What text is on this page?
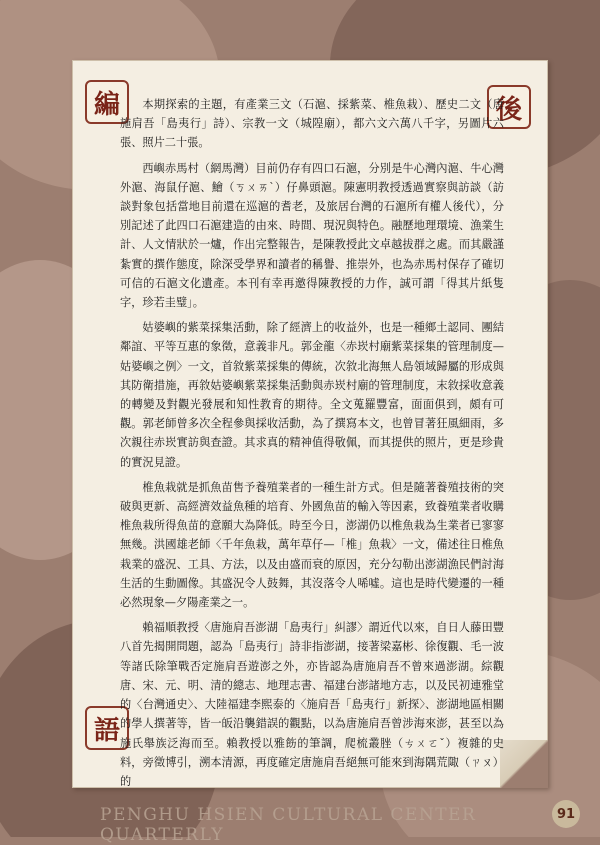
編	後
語

本期探索的主題，有產業三文（石滬、採紫菜、椎魚栽）、歷史二文（唐施肩吾「島夷行」詩）、宗教一文（城隍廟），都六文六萬八千字，另圖片六張、照片二十張。

西嶼赤馬村（網馬灣）目前仍存有四口石滬，分別是牛心灣內滬、牛心灣外滬、海鼠仔滬、鱠（ㄎㄨㄞˋ）仔鼻頭滬。陳憲明教授透過實察與訪談（訪談對象包括當地目前還在巡滬的耆老，及旅居台灣的石滬所有權人後代），分別記述了此四口石滬建造的由來、時間、現況與特色。融歷地理環境、漁業生計、人文情狀於一爐，作出完整報告，是陳教授此文卓越拔群之處。而其嚴謹紮實的撰作態度，除深受學界和讀者的稱譽、推崇外，也為赤馬村保存了確切可信的石滬文化遺產。本刊有幸再邀得陳教授的力作，誠可謂「得其片紙隻字，珍若圭璧」。

姑婆嶼的紫菜採集活動，除了經濟上的收益外，也是一種鄉土認同、團結鄰誼、平等互惠的象徵，意義非凡。郭金龍〈赤崁村廟紫菜採集的管理制度—姑婆嶼之例〉一文，首敘紫菜採集的傳統，次敘北海無人島領域歸屬的形成與其防衛措施，再敘姑婆嶼紫菜採集活動與赤崁村廟的管理制度，末敘採收意義的轉變及對觀光發展和知性教育的期待。全文蒐羅豐富，面面俱到，頗有可觀。郭老師曾多次全程參與採收活動，為了撰寫本文，也曾冒著狂風細雨，多次親往赤崁實訪與查證。其求真的精神值得敬佩，而其提供的照片，更是珍貴的實況見證。

椎魚栽就是抓魚苗售予養殖業者的一種生計方式。但是隨著養殖技術的突破與更新、高經濟效益魚種的培育、外國魚苗的輸入等因素，致養殖業者收購椎魚栽所得魚苗的意願大為降低。時至今日，澎湖仍以椎魚栽為生業者已寥寥無幾。洪國雄老師〈千年魚栽，萬年草仔—「椎」魚栽〉一文，備述往日椎魚栽業的盛況、工具、方法，以及由盛而衰的原因，充分勾勒出澎湖漁民們討海生活的生動圖像。其盛況令人鼓舞，其沒落令人唏噓。這也是時代變遷的一種必然現象—夕陽產業之一。

賴福順教授〈唐施肩吾澎湖「島夷行」糾謬〉謂近代以來，自日人藤田豐八首先揭開問題，認為「島夷行」詩非指澎湖，接著梁嘉彬、徐復觀、毛一波等諸氏除筆戰否定施肩吾遊澎之外，亦皆認為唐施肩吾不曾來過澎湖。綜觀唐、宋、元、明、清的總志、地理志書、福建台澎諸地方志，以及民初連雅堂的〈台灣通史〉、大陸福建李熙泰的〈施肩吾「島夷行」新探〉、澎湖地區相關的學人撰著等，皆一皈沿襲錯誤的觀點，以為唐施肩吾曾涉海來澎，甚至以為施氏舉族泛海而至。賴教授以雅飭的筆調，爬梳叢脞（ㄘㄨㄛˇ）複雜的史料，旁徵博引，溯本清源，再度確定唐施肩吾絕無可能來到海隅荒陬（ㄗㄡ）的

PENGHU HSIEN CULTURAL CENTER QUARTERLY
91
